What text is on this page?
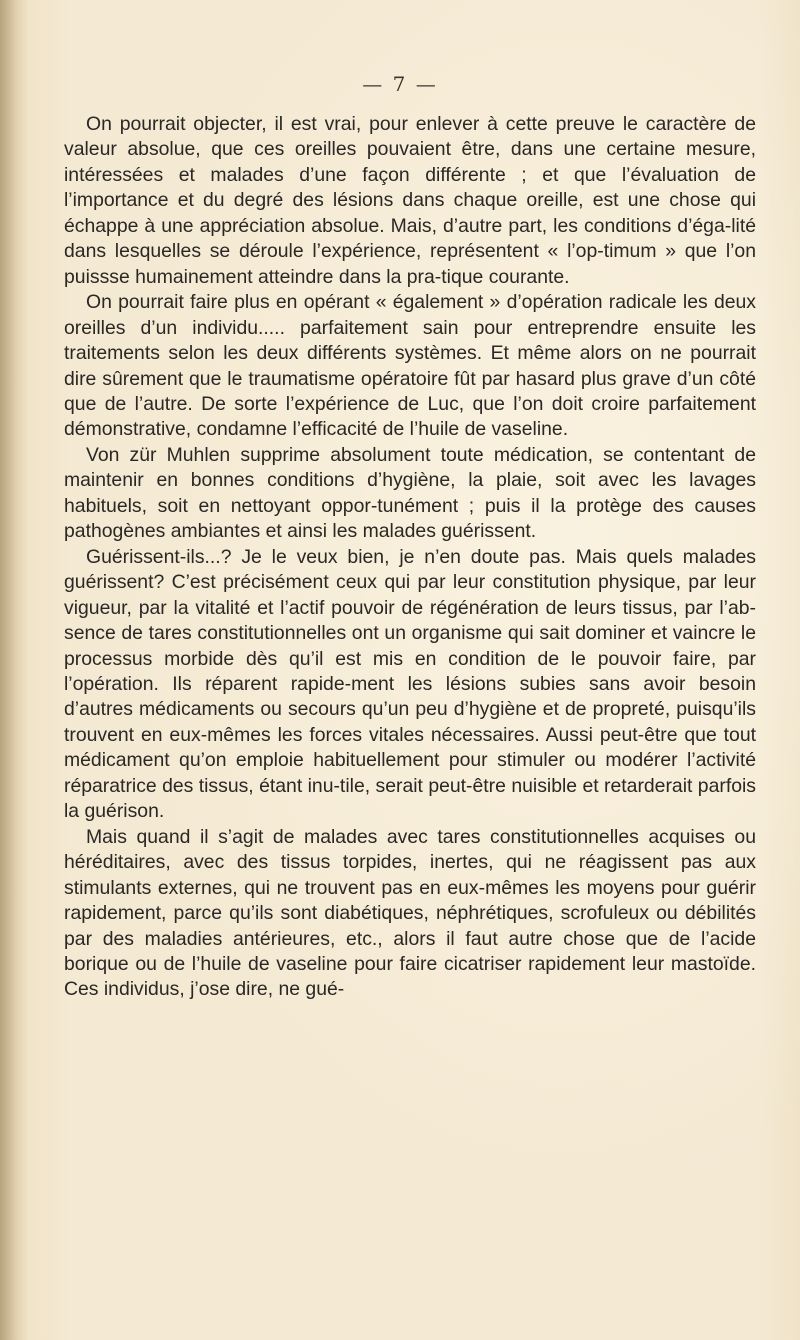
— 7 —

On pourrait objecter, il est vrai, pour enlever à cette preuve le caractère de valeur absolue, que ces oreilles pouvaient être, dans une certaine mesure, intéressées et malades d’une façon différente ; et que l’évaluation de l’importance et du degré des lésions dans chaque oreille, est une chose qui échappe à une appréciation absolue. Mais, d’autre part, les conditions d’éga-lité dans lesquelles se déroule l’expérience, représentent « l’op-timum » que l’on puissse humainement atteindre dans la pra-tique courante.

On pourrait faire plus en opérant « également » d’opération radicale les deux oreilles d’un individu..... parfaitement sain pour entreprendre ensuite les traitements selon les deux différents systèmes. Et même alors on ne pourrait dire sûrement que le traumatisme opératoire fût par hasard plus grave d’un côté que de l’autre. De sorte l’expérience de Luc, que l’on doit croire parfaitement démonstrative, condamne l’efficacité de l’huile de vaseline.

Von zür Muhlen supprime absolument toute médication, se contentant de maintenir en bonnes conditions d’hygiène, la plaie, soit avec les lavages habituels, soit en nettoyant oppor-tunément ; puis il la protège des causes pathogènes ambiantes et ainsi les malades guérissent.

Guérissent-ils...? Je le veux bien, je n’en doute pas. Mais quels malades guérissent? C’est précisément ceux qui par leur constitution physique, par leur vigueur, par la vitalité et l’actif pouvoir de régénération de leurs tissus, par l’ab-sence de tares constitutionnelles ont un organisme qui sait dominer et vaincre le processus morbide dès qu’il est mis en condition de le pouvoir faire, par l’opération. Ils réparent rapide-ment les lésions subies sans avoir besoin d’autres médicaments ou secours qu’un peu d’hygiène et de propreté, puisqu’ils trouvent en eux-mêmes les forces vitales nécessaires. Aussi peut-être que tout médicament qu’on emploie habituellement pour stimuler ou modérer l’activité réparatrice des tissus, étant inu-tile, serait peut-être nuisible et retarderait parfois la guérison.

Mais quand il s’agit de malades avec tares constitutionnelles acquises ou héréditaires, avec des tissus torpides, inertes, qui ne réagissent pas aux stimulants externes, qui ne trouvent pas en eux-mêmes les moyens pour guérir rapidement, parce qu’ils sont diabétiques, néphrétiques, scrofuleux ou débilités par des maladies antérieures, etc., alors il faut autre chose que de l’acide borique ou de l’huile de vaseline pour faire cicatriser rapidement leur mastoïde. Ces individus, j’ose dire, ne gué-
